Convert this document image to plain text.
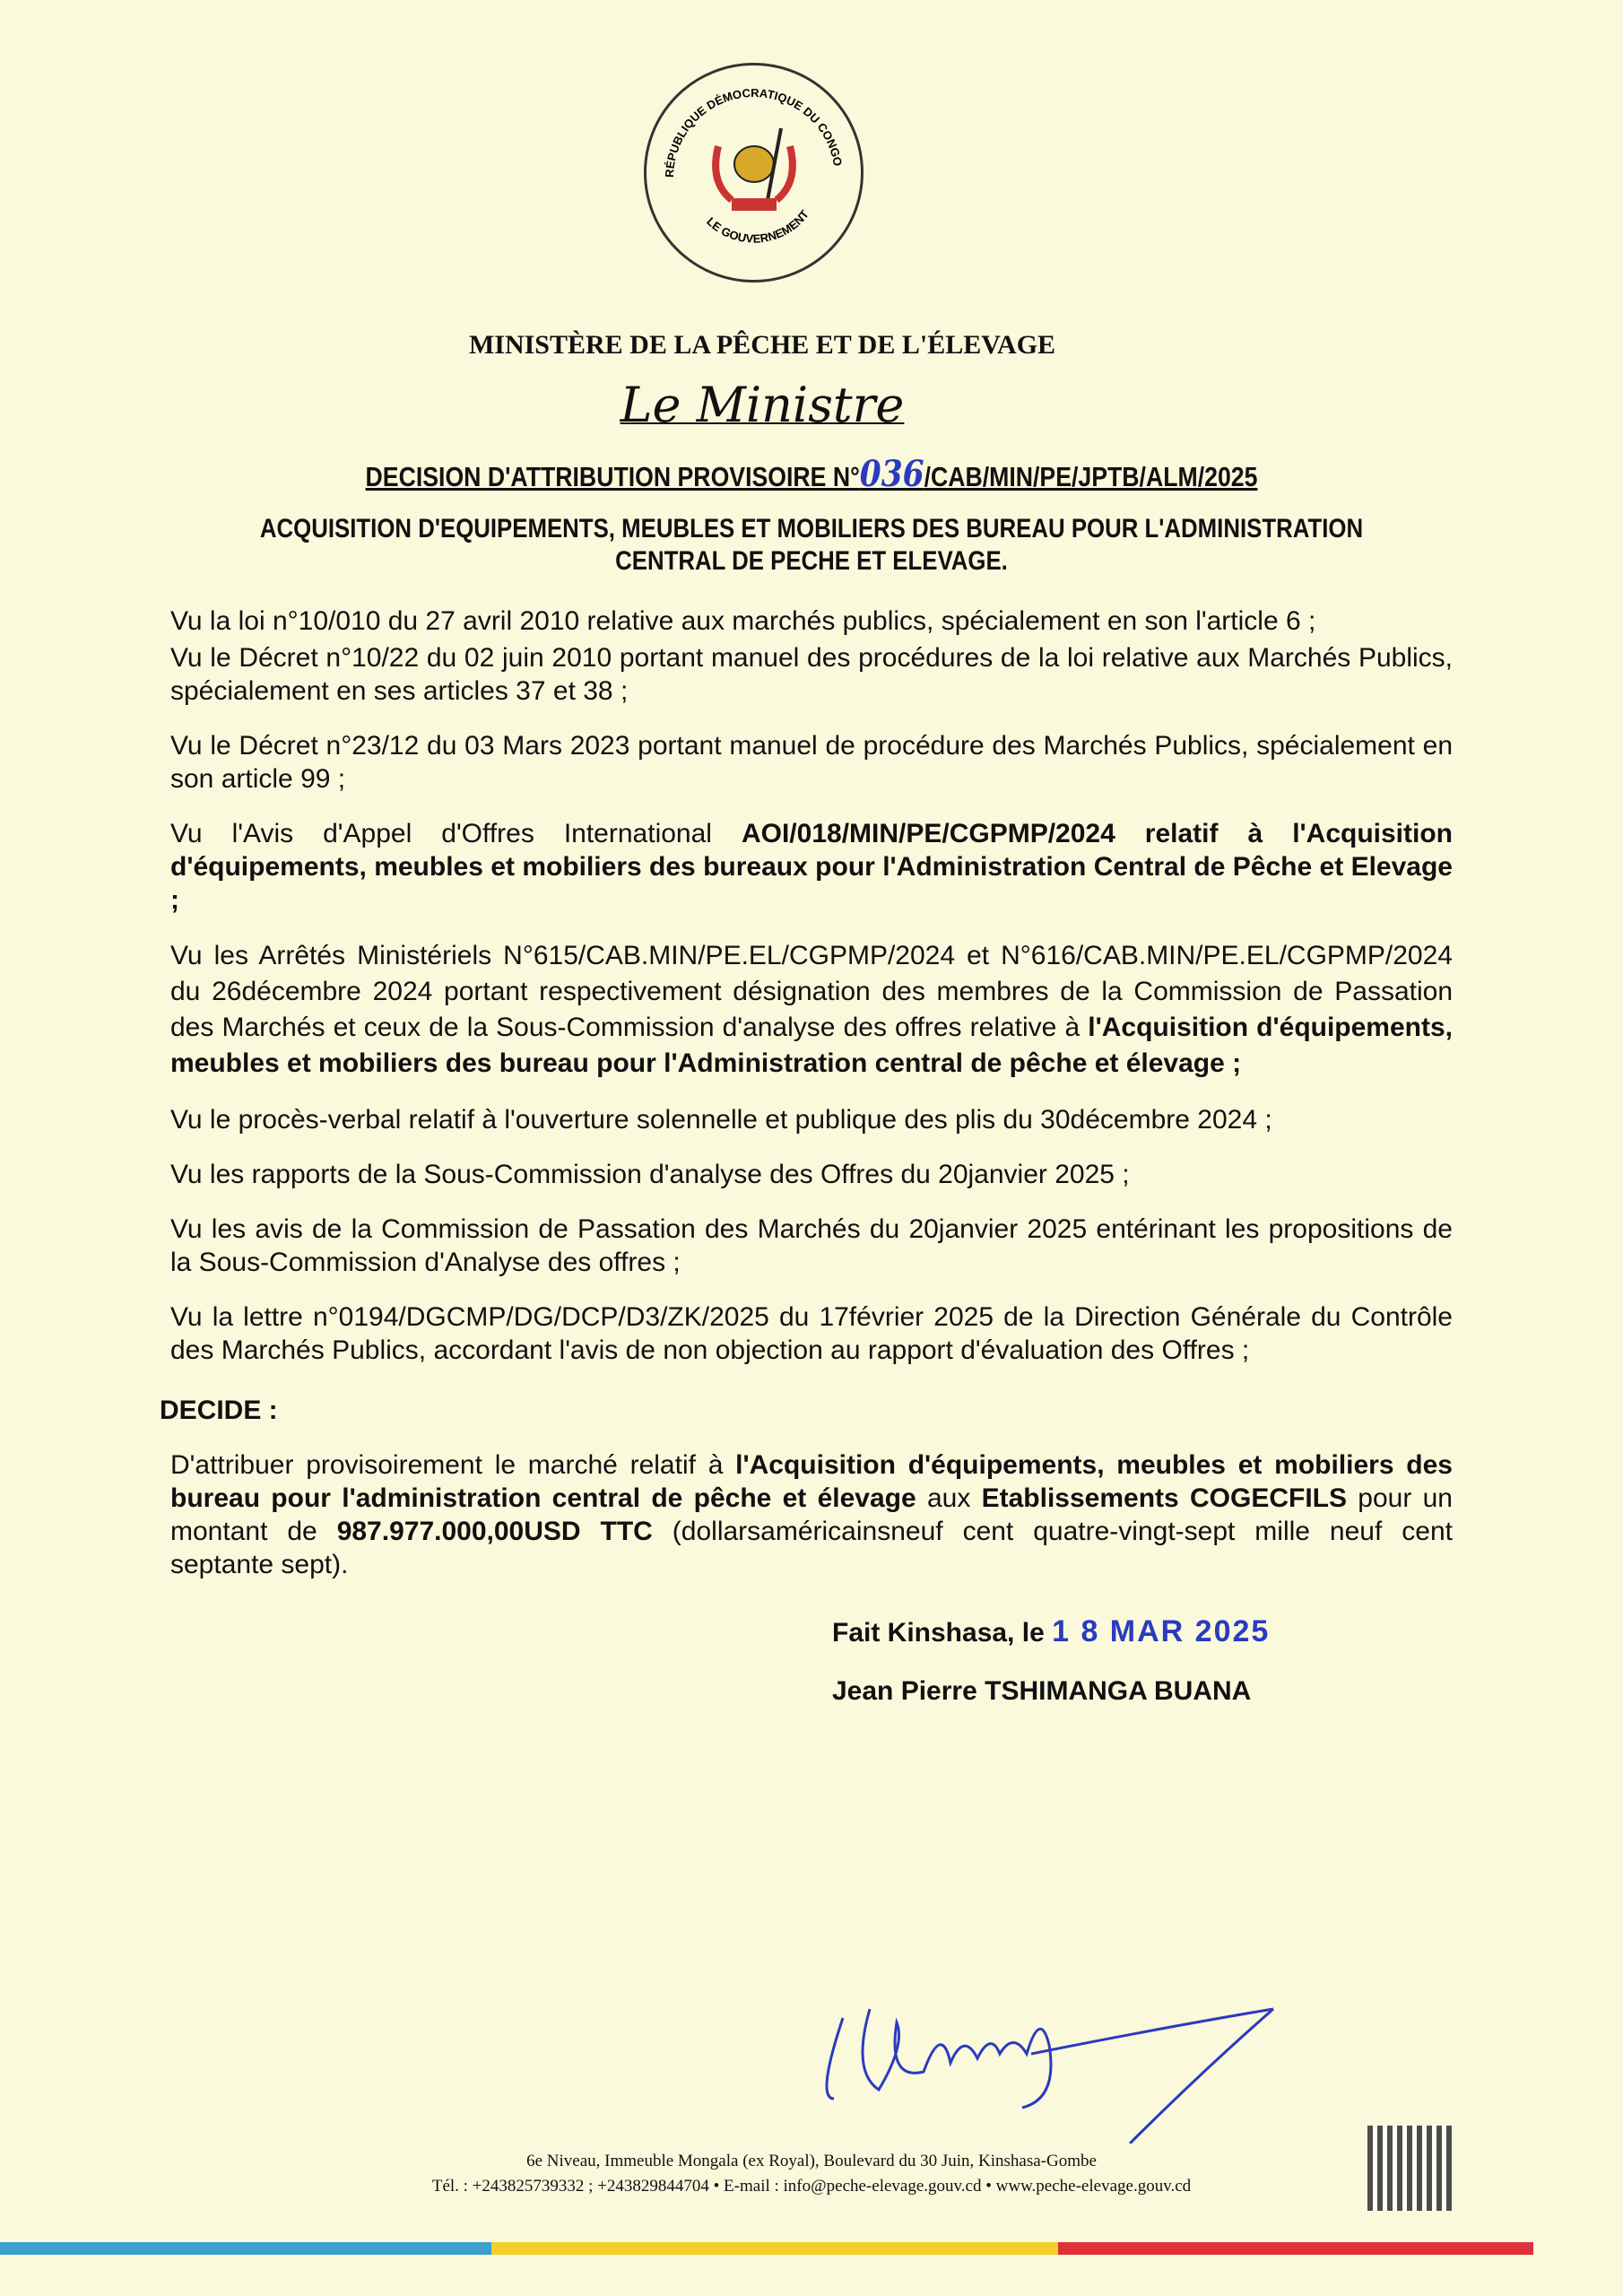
RÉPUBLIQUE DÉMOCRATIQUE DU CONGO
LE GOUVERNEMENT
MINISTÈRE DE LA PÊCHE ET DE L'ÉLEVAGE
Le Ministre
DECISION D'ATTRIBUTION PROVISOIRE N°036/CAB/MIN/PE/JPTB/ALM/2025
ACQUISITION D'EQUIPEMENTS, MEUBLES ET MOBILIERS DES BUREAU POUR L'ADMINISTRATION
CENTRAL DE PECHE ET ELEVAGE.
Vu la loi n°10/010 du 27 avril 2010 relative aux marchés publics, spécialement en son l'article 6 ;
Vu le Décret n°10/22 du 02 juin 2010 portant manuel des procédures de la loi relative aux Marchés Publics, spécialement en ses articles 37 et 38 ;
Vu le Décret n°23/12 du 03 Mars 2023 portant manuel de procédure des Marchés Publics, spécialement en son article 99 ;
Vu l'Avis d'Appel d'Offres International AOI/018/MIN/PE/CGPMP/2024 relatif à l'Acquisition d'équipements, meubles et mobiliers des bureaux pour l'Administration Central de Pêche et Elevage ;
Vu les Arrêtés Ministériels N°615/CAB.MIN/PE.EL/CGPMP/2024 et N°616/CAB.MIN/PE.EL/CGPMP/2024 du 26décembre 2024 portant respectivement désignation des membres de la Commission de Passation des Marchés et ceux de la Sous-Commission d'analyse des offres relative à l'Acquisition d'équipements, meubles et mobiliers des bureau pour l'Administration central de pêche et élevage ;
Vu le procès-verbal relatif à l'ouverture solennelle et publique des plis du 30décembre 2024 ;
Vu les rapports de la Sous-Commission d'analyse des Offres du 20janvier 2025 ;
Vu les avis de la Commission de Passation des Marchés du 20janvier 2025 entérinant les propositions de la Sous-Commission d'Analyse des offres ;
Vu la lettre n°0194/DGCMP/DG/DCP/D3/ZK/2025 du 17février 2025 de la Direction Générale du Contrôle des Marchés Publics, accordant l'avis de non objection au rapport d'évaluation des Offres ;
DECIDE :
D'attribuer provisoirement le marché relatif à l'Acquisition d'équipements, meubles et mobiliers des bureau pour l'administration central de pêche et élevage aux Etablissements COGECFILS pour un montant de 987.977.000,00USD TTC (dollarsaméricainsneuf cent quatre-vingt-sept mille neuf cent septante sept).
Fait Kinshasa, le 1 8 MAR 2025
Jean Pierre TSHIMANGA BUANA
6e Niveau, Immeuble Mongala (ex Royal), Boulevard du 30 Juin, Kinshasa-Gombe
Tél. : +243825739332 ; +243829844704 • E-mail : info@peche-elevage.gouv.cd • www.peche-elevage.gouv.cd
